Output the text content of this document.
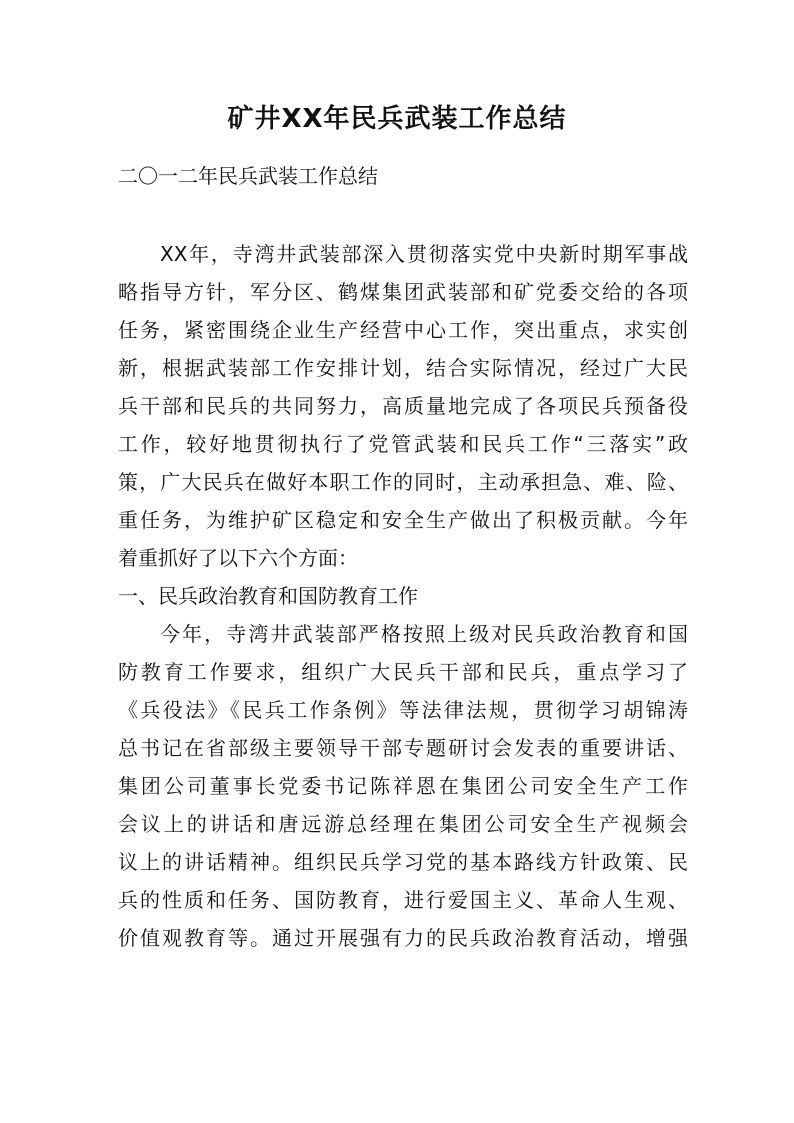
矿井XX年民兵武装工作总结
二〇一二年民兵武装工作总结
XX年，寺湾井武装部深入贯彻落实党中央新时期军事战
略指导方针，军分区、鹤煤集团武装部和矿党委交给的各项
任务，紧密围绕企业生产经营中心工作，突出重点，求实创
新，根据武装部工作安排计划，结合实际情况，经过广大民
兵干部和民兵的共同努力，高质量地完成了各项民兵预备役
工作，较好地贯彻执行了党管武装和民兵工作“三落实”政
策，广大民兵在做好本职工作的同时，主动承担急、难、险、
重任务，为维护矿区稳定和安全生产做出了积极贡献。今年
着重抓好了以下六个方面：
一、民兵政治教育和国防教育工作
今年，寺湾井武装部严格按照上级对民兵政治教育和国
防教育工作要求，组织广大民兵干部和民兵，重点学习了
《兵役法》《民兵工作条例》等法律法规，贯彻学习胡锦涛
总书记在省部级主要领导干部专题研讨会发表的重要讲话、
集团公司董事长党委书记陈祥恩在集团公司安全生产工作
会议上的讲话和唐远游总经理在集团公司安全生产视频会
议上的讲话精神。组织民兵学习党的基本路线方针政策、民
兵的性质和任务、国防教育，进行爱国主义、革命人生观、
价值观教育等。通过开展强有力的民兵政治教育活动，增强
